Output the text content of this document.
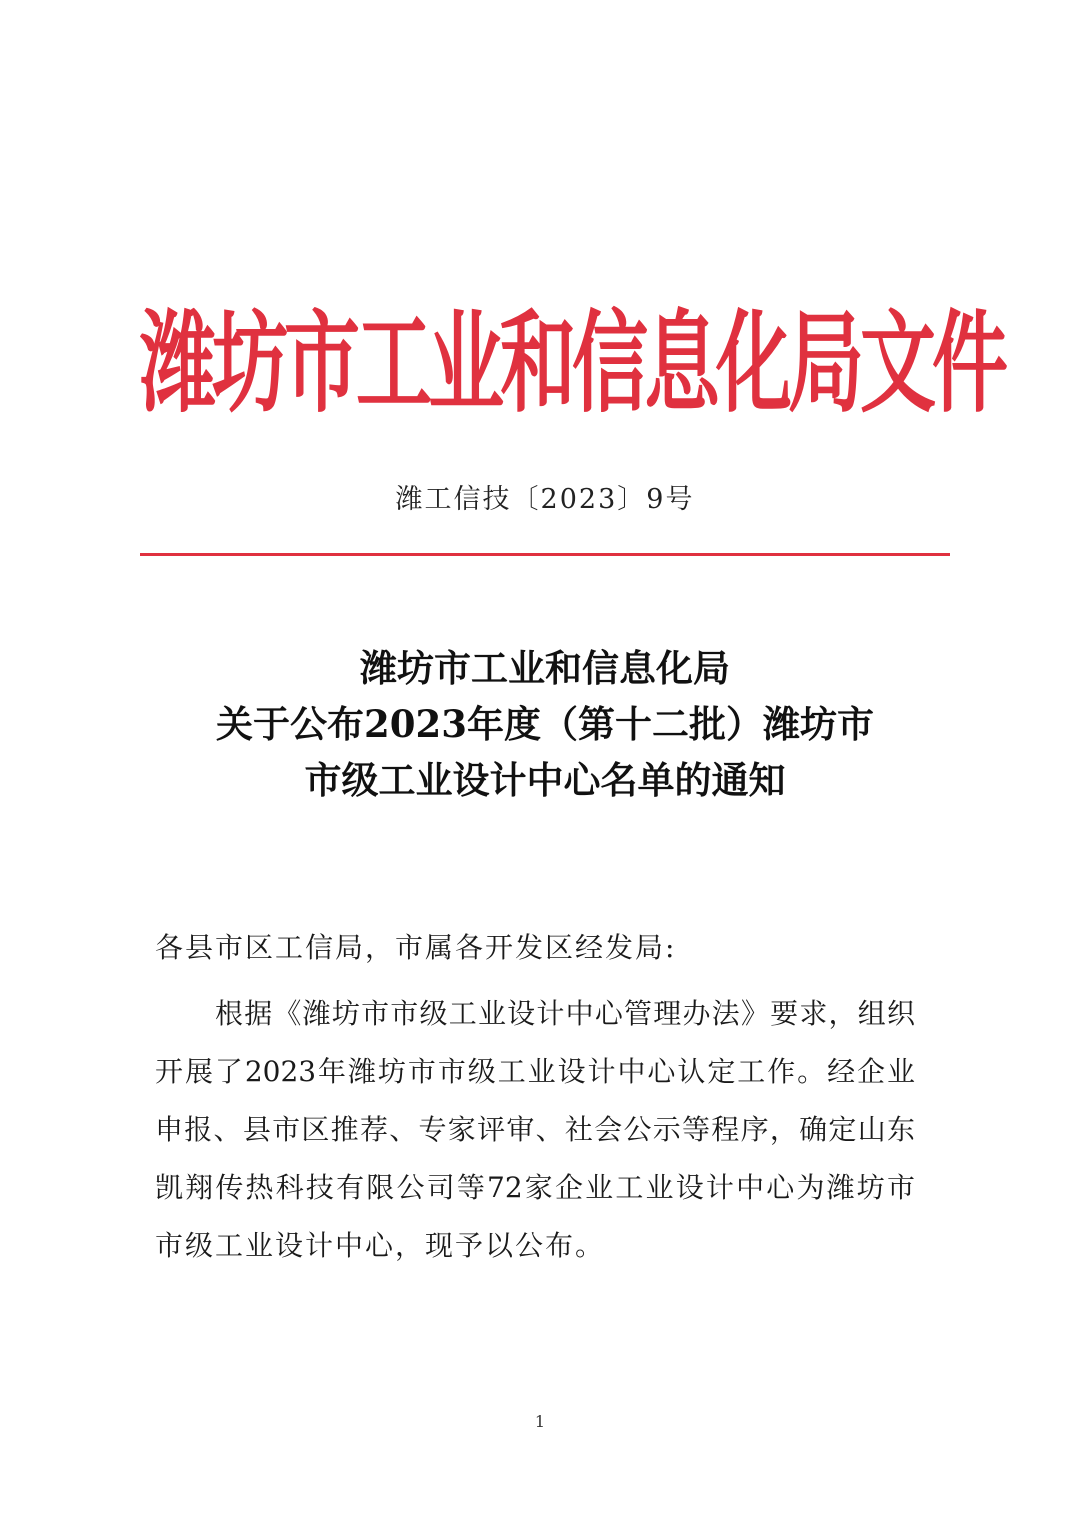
潍坊市工业和信息化局文件
潍工信技〔2023〕9号
潍坊市工业和信息化局
关于公布2023年度（第十二批）潍坊市
市级工业设计中心名单的通知
各县市区工信局，市属各开发区经发局:
根据《潍坊市市级工业设计中心管理办法》要求，组织
开展了2023年潍坊市市级工业设计中心认定工作。经企业
申报、县市区推荐、专家评审、社会公示等程序，确定山东
凯翔传热科技有限公司等72家企业工业设计中心为潍坊市
市级工业设计中心，现予以公布。
1
